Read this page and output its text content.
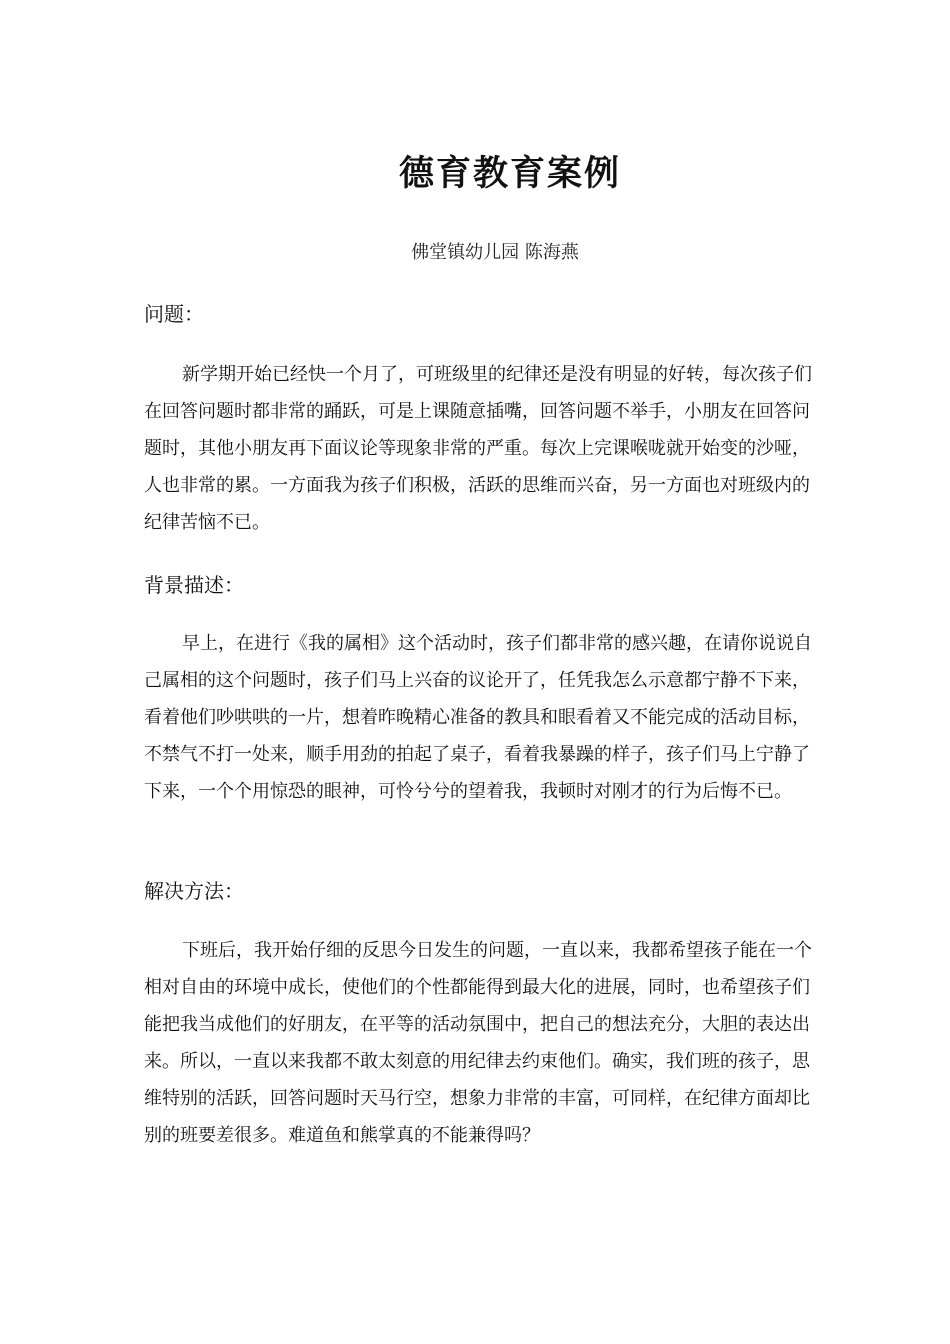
德育教育案例
佛堂镇幼儿园 陈海燕
问题：
新学期开始已经快一个月了，可班级里的纪律还是没有明显的好转，每次孩子们在回答问题时都非常的踊跃，可是上课随意插嘴，回答问题不举手，小朋友在回答问题时，其他小朋友再下面议论等现象非常的严重。每次上完课喉咙就开始变的沙哑，人也非常的累。一方面我为孩子们积极，活跃的思维而兴奋，另一方面也对班级内的纪律苦恼不已。
背景描述：
早上，在进行《我的属相》这个活动时，孩子们都非常的感兴趣，在请你说说自己属相的这个问题时，孩子们马上兴奋的议论开了，任凭我怎么示意都宁静不下来，看着他们吵哄哄的一片，想着昨晚精心准备的教具和眼看着又不能完成的活动目标，不禁气不打一处来，顺手用劲的拍起了桌子，看着我暴躁的样子，孩子们马上宁静了下来，一个个用惊恐的眼神，可怜兮兮的望着我，我顿时对刚才的行为后悔不已。
解决方法：
下班后，我开始仔细的反思今日发生的问题，一直以来，我都希望孩子能在一个相对自由的环境中成长，使他们的个性都能得到最大化的进展，同时，也希望孩子们能把我当成他们的好朋友，在平等的活动氛围中，把自己的想法充分，大胆的表达出来。所以，一直以来我都不敢太刻意的用纪律去约束他们。确实，我们班的孩子，思维特别的活跃，回答问题时天马行空，想象力非常的丰富，可同样，在纪律方面却比别的班要差很多。难道鱼和熊掌真的不能兼得吗？
